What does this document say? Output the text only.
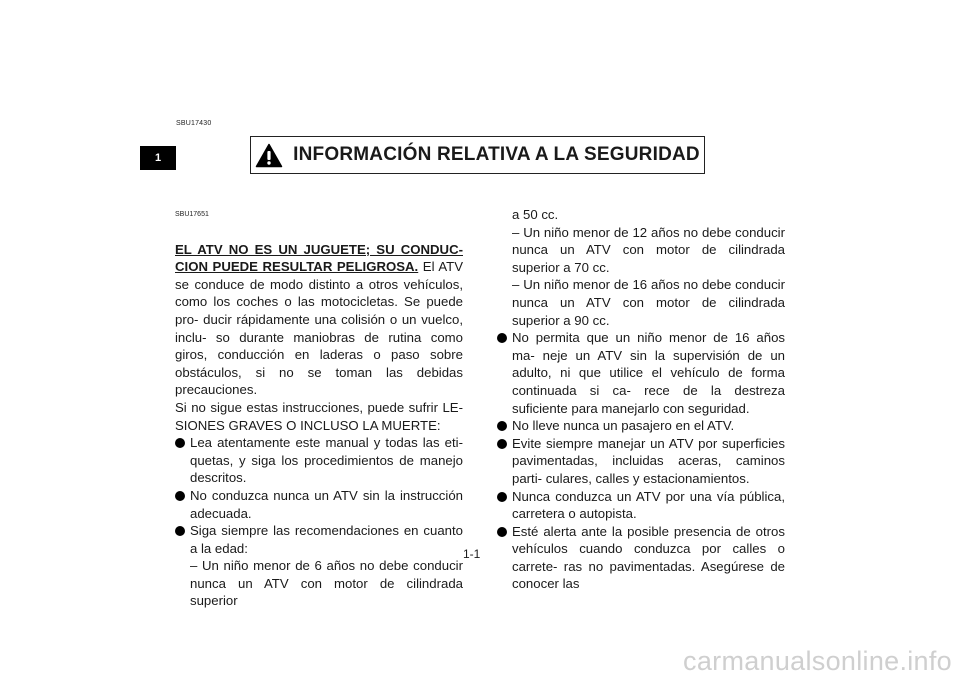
1
SBU17430
INFORMACIÓN RELATIVA A LA SEGURIDAD
SBU17651

EL ATV NO ES UN JUGUETE; SU CONDUC- CION PUEDE RESULTAR PELIGROSA. El ATV se conduce de modo distinto a otros vehículos, como los coches o las motocicletas. Se puede pro- ducir rápidamente una colisión o un vuelco, inclu- so durante maniobras de rutina como giros, conducción en laderas o paso sobre obstáculos, si no se toman las debidas precauciones.

Si no sigue estas instrucciones, puede sufrir LE- SIONES GRAVES O INCLUSO LA MUERTE:

Lea atentamente este manual y todas las eti- quetas, y siga los procedimientos de manejo descritos.
No conduzca nunca un ATV sin la instrucción adecuada.
Siga siempre las recomendaciones en cuanto a la edad:

– Un niño menor de 6 años no debe conducir nunca un ATV con motor de cilindrada superior

a 50 cc.

– Un niño menor de 12 años no debe conducir nunca un ATV con motor de cilindrada superior a 70 cc.

– Un niño menor de 16 años no debe conducir nunca un ATV con motor de cilindrada superior a 90 cc.

No permita que un niño menor de 16 años ma- neje un ATV sin la supervisión de un adulto, ni que utilice el vehículo de forma continuada si ca- rece de la destreza suficiente para manejarlo con seguridad.
No lleve nunca un pasajero en el ATV.
Evite siempre manejar un ATV por superficies pavimentadas, incluidas aceras, caminos parti- culares, calles y estacionamientos.
Nunca conduzca un ATV por una vía pública, carretera o autopista.
Esté alerta ante la posible presencia de otros vehículos cuando conduzca por calles o carrete- ras no pavimentadas. Asegúrese de conocer las
1-1
carmanualsonline.info
